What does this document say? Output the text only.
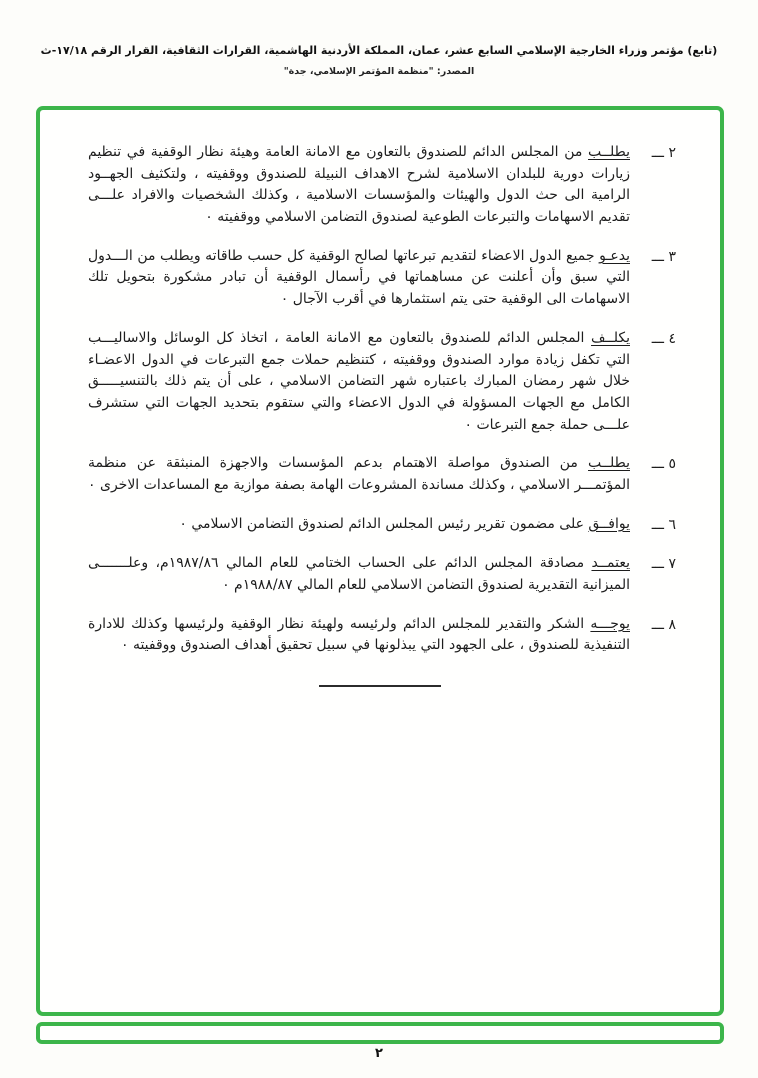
(تابع) مؤتمر وزراء الخارجية الإسلامي السابع عشر، عمان، المملكة الأردنية الهاشمية، القرارات الثقافية، القرار الرقم ١٧/١٨-ث
المصدر: "منظمة المؤتمر الإسلامي، جدة"
٢ ـــ
يطلــب من المجلس الدائم للصندوق بالتعاون مع الامانة العامة وهيئة نظار الوقفية في تنظيم زيارات دورية للبلدان الاسلامية لشرح الاهداف النبيلة للصندوق ووقفيته ، ولتكثيف الجهــود الرامية الى حث الدول والهيئات والمؤسسات الاسلامية ، وكذلك الشخصيات والافراد علـــى تقديم الاسهامات والتبرعات الطوعية لصندوق التضامن الاسلامي ووقفيته ٠
٣ ـــ
يدعـو جميع الدول الاعضاء لتقديم تبرعاتها لصالح الوقفية كل حسب طاقاته ويطلب من الـــدول التي سبق وأن أعلنت عن مساهماتها في رأسمال الوقفية أن تبادر مشكورة بتحويل تلك الاسهامات الى الوقفية حتى يتم استثمارها في أقرب الآجال ٠
٤ ـــ
يكلــف المجلس الدائم للصندوق بالتعاون مع الامانة العامة ، اتخاذ كل الوسائل والاساليـــب التي تكفل زيادة موارد الصندوق ووقفيته ، كتنظيم حملات جمع التبرعات في الدول الاعضـاء خلال شهر رمضان المبارك باعتباره شهر التضامن الاسلامي ، على أن يتم ذلك بالتنسيـــــق الكامل مع الجهات المسؤولة في الدول الاعضاء والتي ستقوم بتحديد الجهات التي ستشرف علـــى حملة جمع التبرعات ٠
٥ ـــ
يطلــب من الصندوق مواصلة الاهتمام بدعم المؤسسات والاجهزة المنبثقة عن منظمة المؤتمـــر الاسلامي ، وكذلك مساندة المشروعات الهامة بصفة موازية مع المساعدات الاخرى ٠
٦ ـــ
يوافــق على مضمون تقرير رئيس المجلس الدائم لصندوق التضامن الاسلامي ٠
٧ ـــ
يعتمــد مصادقة المجلس الدائم على الحساب الختامي للعام المالي ١٩٨٧/٨٦م، وعلـــــــى الميزانية التقديرية لصندوق التضامن الاسلامي للعام المالي ١٩٨٨/٨٧م ٠
٨ ـــ
يوجـــه الشكر والتقدير للمجلس الدائم ولرئيسه ولهيئة نظار الوقفية ولرئيسها وكذلك للادارة التنفيذية للصندوق ، على الجهود التي يبذلونها في سبيل تحقيق أهداف الصندوق ووقفيته ٠
٢
